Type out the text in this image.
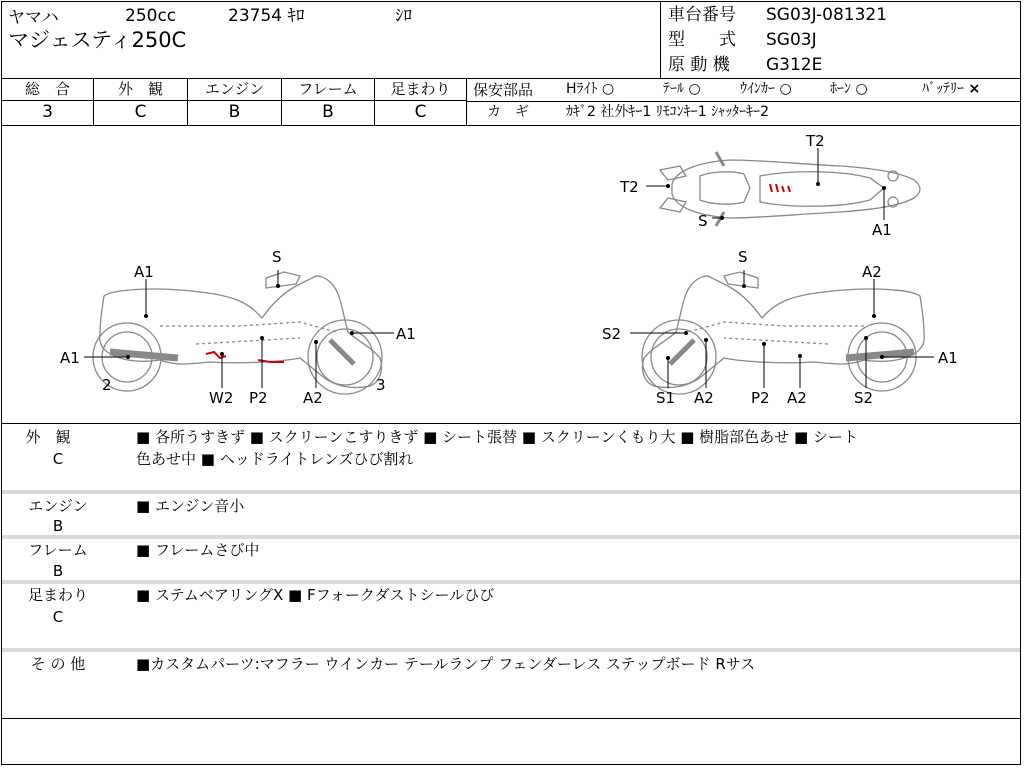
ヤマハ	250cc	23754 ｷﾛ	ｼﾛ
マジェスティ250C
車台番号 SG03J-081321
型　　式 SG03J
原 動 機 G312E
総　合	外　観	エンジン	フレーム	足まわり
3	C	B	B	C
保安部品 Hﾗｲﾄ ○	ﾃｰﾙ ○	ｳｲﾝｶｰ ○	ﾎｰﾝ ○	ﾊﾞｯﾃﾘｰ ×
カ　ギ	ｶｷﾞ2 社外ｷｰ1 ﾘﾓｺﾝｷｰ1 ｼｬｯﾀｰｷｰ2
A1
S
A1
A1
2
W2 P2 A2
3
S
A2
S2
A1
S1 A2 P2 A2	S2
T2
T2
S	A1
外　観
C
■ 各所うすきず ■ スクリーンこすりきず ■ シート張替 ■ スクリーンくもり大 ■ 樹脂部色あせ ■ シート
色あせ中 ■ ヘッドライトレンズひび割れ
エンジン
B
■ エンジン音小
フレーム
B
■ フレームさび中
足まわり
C
■ ステムベアリングX ■ Fフォークダストシールひび
そ の 他	■カスタムパーツ:マフラー ウインカー テールランプ フェンダーレス ステップボード Rサス
